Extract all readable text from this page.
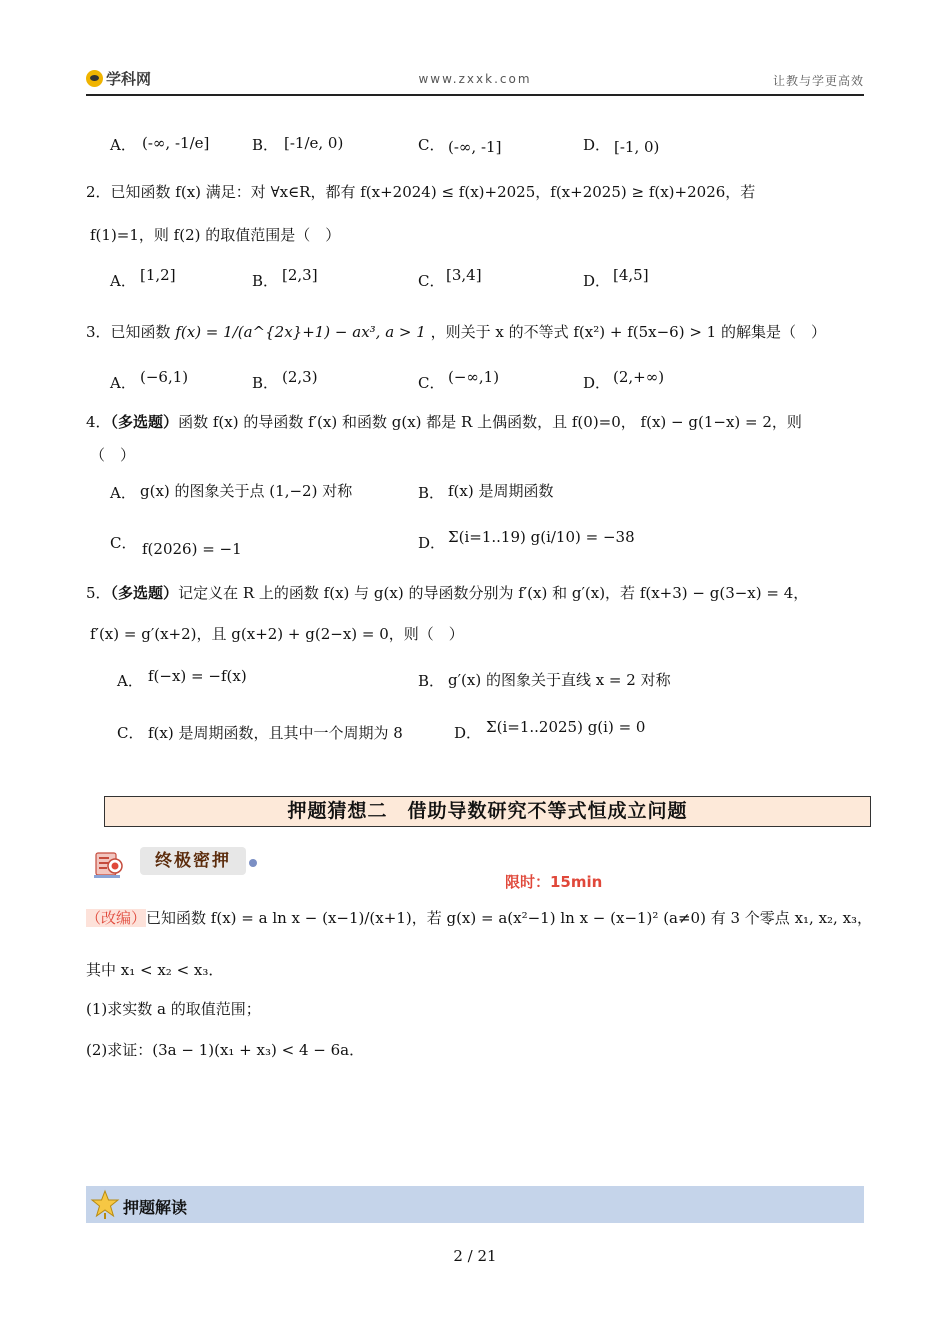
学科网	www.zxxk.com	让教与学更高效
A． (-∞, -1/e]	B． [-1/e, 0)	C． (-∞, -1]	D． [-1, 0)
2．已知函数 f(x) 满足：对 ∀x∈R，都有 f(x+2024) ≤ f(x)+2025，f(x+2025) ≥ f(x)+2026，若
f(1)=1，则 f(2) 的取值范围是（　）
A． [1,2]	B． [2,3]	C． [3,4]	D． [4,5]
3．已知函数 f(x) = 1/(a^{2x}+1) − ax³, a > 1 ，则关于 x 的不等式 f(x²) + f(5x−6) > 1 的解集是（　）
A． (−6,1)	B． (2,3)	C． (−∞,1)	D． (2,+∞)
4．（多选题）函数 f(x) 的导函数 f′(x) 和函数 g(x) 都是 R 上偶函数，且 f(0)=0， f(x) − g(1−x) = 2，则
（　）
A． g(x) 的图象关于点 (1,−2) 对称	B． f(x) 是周期函数
C． f(2026) = −1	D． Σ(i=1..19) g(i/10) = −38
5．（多选题）记定义在 R 上的函数 f(x) 与 g(x) 的导函数分别为 f′(x) 和 g′(x)，若 f(x+3) − g(3−x) = 4，
f′(x) = g′(x+2)，且 g(x+2) + g(2−x) = 0，则（　）
A． f(−x) = −f(x)	B． g′(x) 的图象关于直线 x = 2 对称
C． f(x) 是周期函数，且其中一个周期为 8	D． Σ(i=1..2025) g(i) = 0
押题猜想二　借助导数研究不等式恒成立问题
终极密押
限时：15min
（改编）已知函数 f(x) = a ln x − (x−1)/(x+1)，若 g(x) = a(x²−1) ln x − (x−1)² (a≠0) 有 3 个零点 x₁, x₂, x₃，
其中 x₁ < x₂ < x₃．
(1)求实数 a 的取值范围；
(2)求证：(3a − 1)(x₁ + x₃) < 4 − 6a．
押题解读
2 / 21
